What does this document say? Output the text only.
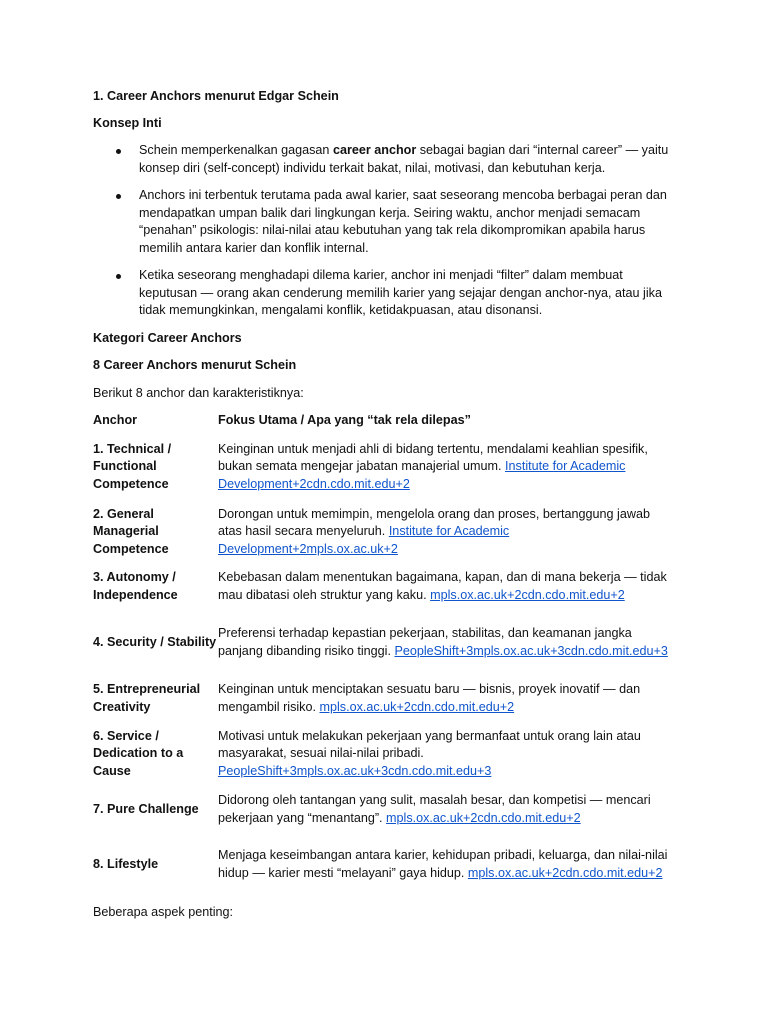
1. Career Anchors menurut Edgar Schein

Konsep Inti

Schein memperkenalkan gagasan career anchor sebagai bagian dari “internal career” — yaitu konsep diri (self-concept) individu terkait bakat, nilai, motivasi, dan kebutuhan kerja.
Anchors ini terbentuk terutama pada awal karier, saat seseorang mencoba berbagai peran dan mendapatkan umpan balik dari lingkungan kerja. Seiring waktu, anchor menjadi semacam “penahan” psikologis: nilai-nilai atau kebutuhan yang tak rela dikompromikan apabila harus memilih antara karier dan konflik internal.
Ketika seseorang menghadapi dilema karier, anchor ini menjadi “filter” dalam membuat keputusan — orang akan cenderung memilih karier yang sejajar dengan anchor-nya, atau jika tidak memungkinkan, mengalami konflik, ketidakpuasan, atau disonansi.

Kategori Career Anchors

8 Career Anchors menurut Schein

Berikut 8 anchor dan karakteristiknya:

Anchor	Fokus Utama / Apa yang “tak rela dilepas”
1. Technical / Functional Competence
Keinginan untuk menjadi ahli di bidang tertentu, mendalami keahlian spesifik, bukan semata mengejar jabatan manajerial umum. Institute for Academic Development+2cdn.cdo.mit.edu+2
2. General Managerial Competence
Dorongan untuk memimpin, mengelola orang dan proses, bertanggung jawab atas hasil secara menyeluruh. Institute for Academic Development+2mpls.ox.ac.uk+2
3. Autonomy / Independence
Kebebasan dalam menentukan bagaimana, kapan, dan di mana bekerja — tidak mau dibatasi oleh struktur yang kaku. mpls.ox.ac.uk+2cdn.cdo.mit.edu+2
4. Security / Stability
Preferensi terhadap kepastian pekerjaan, stabilitas, dan keamanan jangka panjang dibanding risiko tinggi. PeopleShift+3mpls.ox.ac.uk+3cdn.cdo.mit.edu+3
5. Entrepreneurial Creativity
Keinginan untuk menciptakan sesuatu baru — bisnis, proyek inovatif — dan mengambil risiko. mpls.ox.ac.uk+2cdn.cdo.mit.edu+2
6. Service / Dedication to a Cause
Motivasi untuk melakukan pekerjaan yang bermanfaat untuk orang lain atau masyarakat, sesuai nilai-nilai pribadi. PeopleShift+3mpls.ox.ac.uk+3cdn.cdo.mit.edu+3
7. Pure Challenge
Didorong oleh tantangan yang sulit, masalah besar, dan kompetisi — mencari pekerjaan yang “menantang”. mpls.ox.ac.uk+2cdn.cdo.mit.edu+2
8. Lifestyle
Menjaga keseimbangan antara karier, kehidupan pribadi, keluarga, dan nilai-nilai hidup — karier mesti “melayani” gaya hidup. mpls.ox.ac.uk+2cdn.cdo.mit.edu+2

Beberapa aspek penting:
